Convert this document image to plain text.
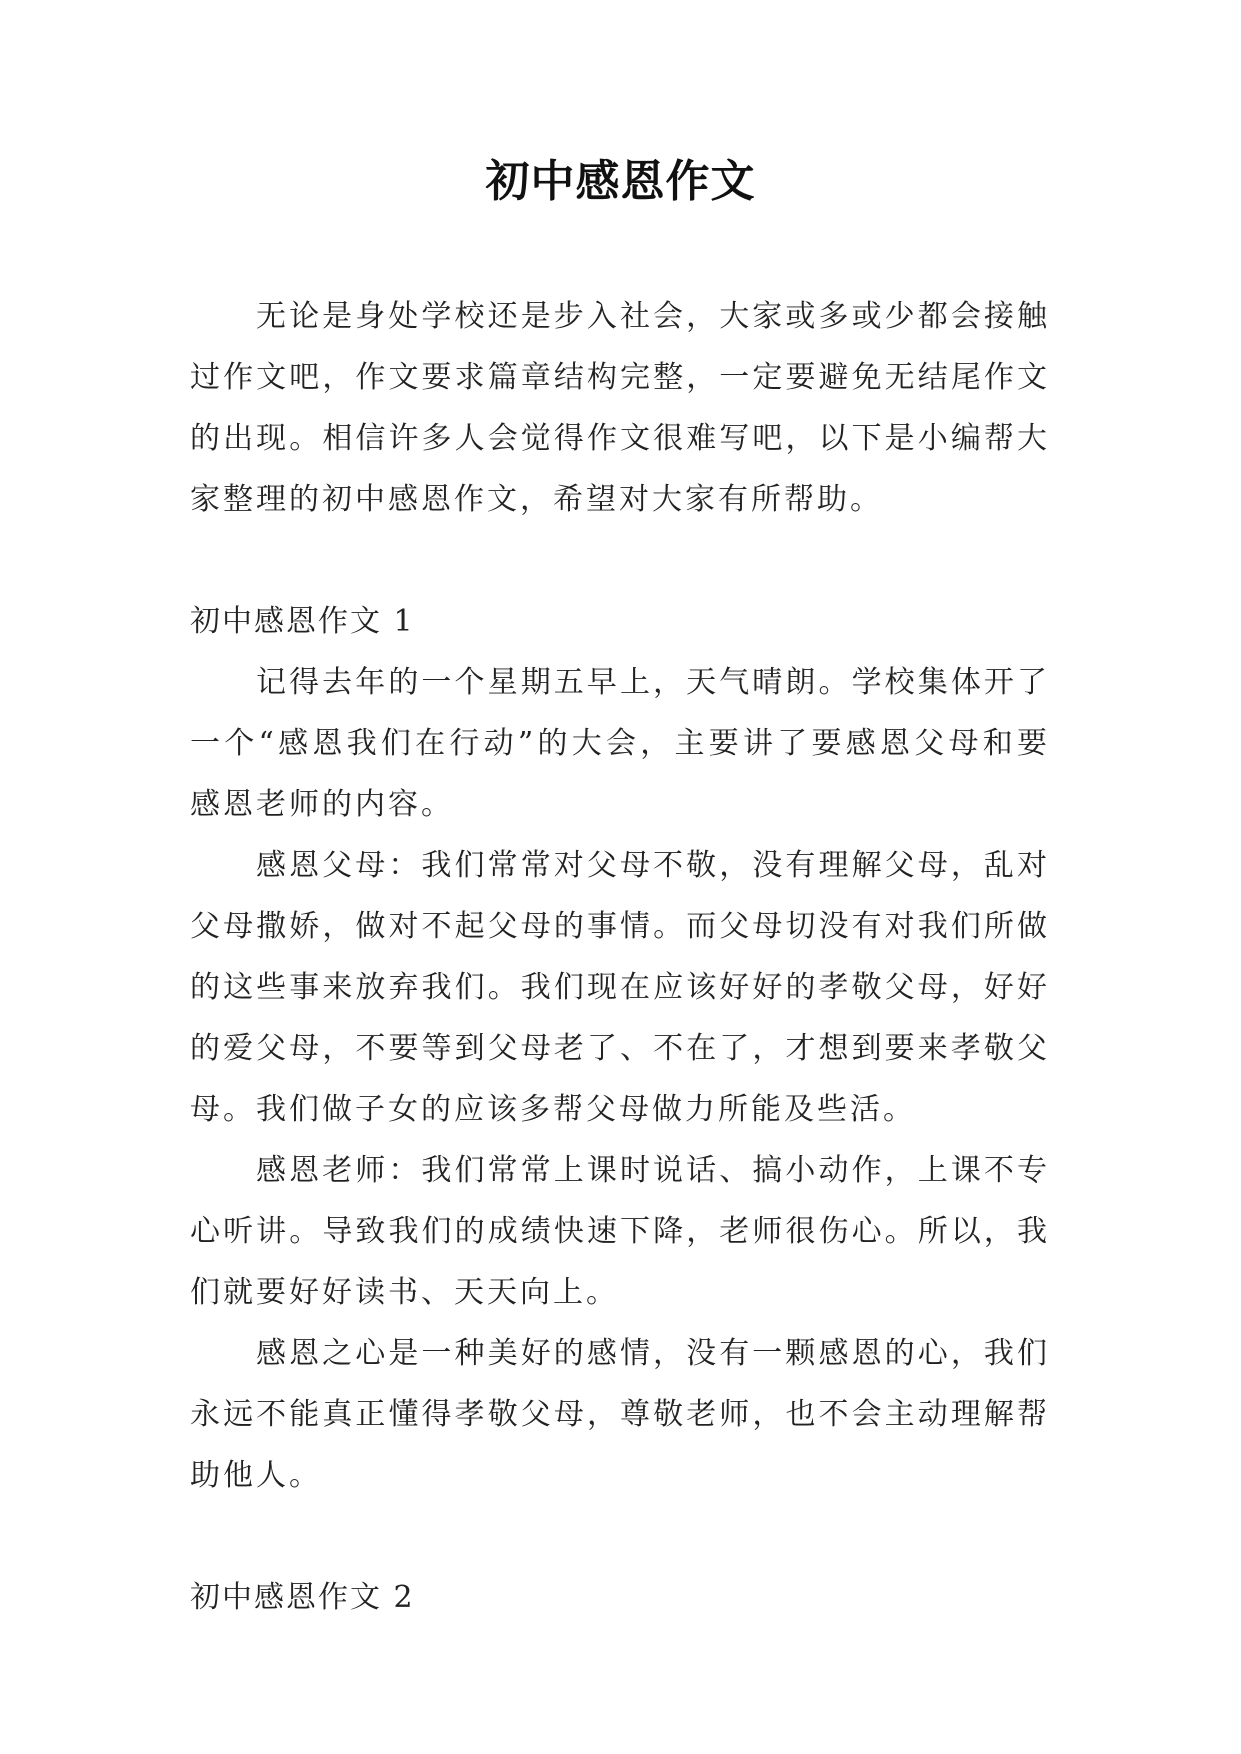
初中感恩作文

无论是身处学校还是步入社会，大家或多或少都会接触过作文吧，作文要求篇章结构完整，一定要避免无结尾作文的出现。相信许多人会觉得作文很难写吧，以下是小编帮大家整理的初中感恩作文，希望对大家有所帮助。

初中感恩作文 1

记得去年的一个星期五早上，天气晴朗。学校集体开了一个“感恩我们在行动”的大会，主要讲了要感恩父母和要感恩老师的内容。

感恩父母：我们常常对父母不敬，没有理解父母，乱对父母撒娇，做对不起父母的事情。而父母切没有对我们所做的这些事来放弃我们。我们现在应该好好的孝敬父母，好好的爱父母，不要等到父母老了、不在了，才想到要来孝敬父母。我们做子女的应该多帮父母做力所能及些活。

感恩老师：我们常常上课时说话、搞小动作，上课不专心听讲。导致我们的成绩快速下降，老师很伤心。所以，我们就要好好读书、天天向上。

感恩之心是一种美好的感情，没有一颗感恩的心，我们永远不能真正懂得孝敬父母，尊敬老师，也不会主动理解帮助他人。

初中感恩作文 2
